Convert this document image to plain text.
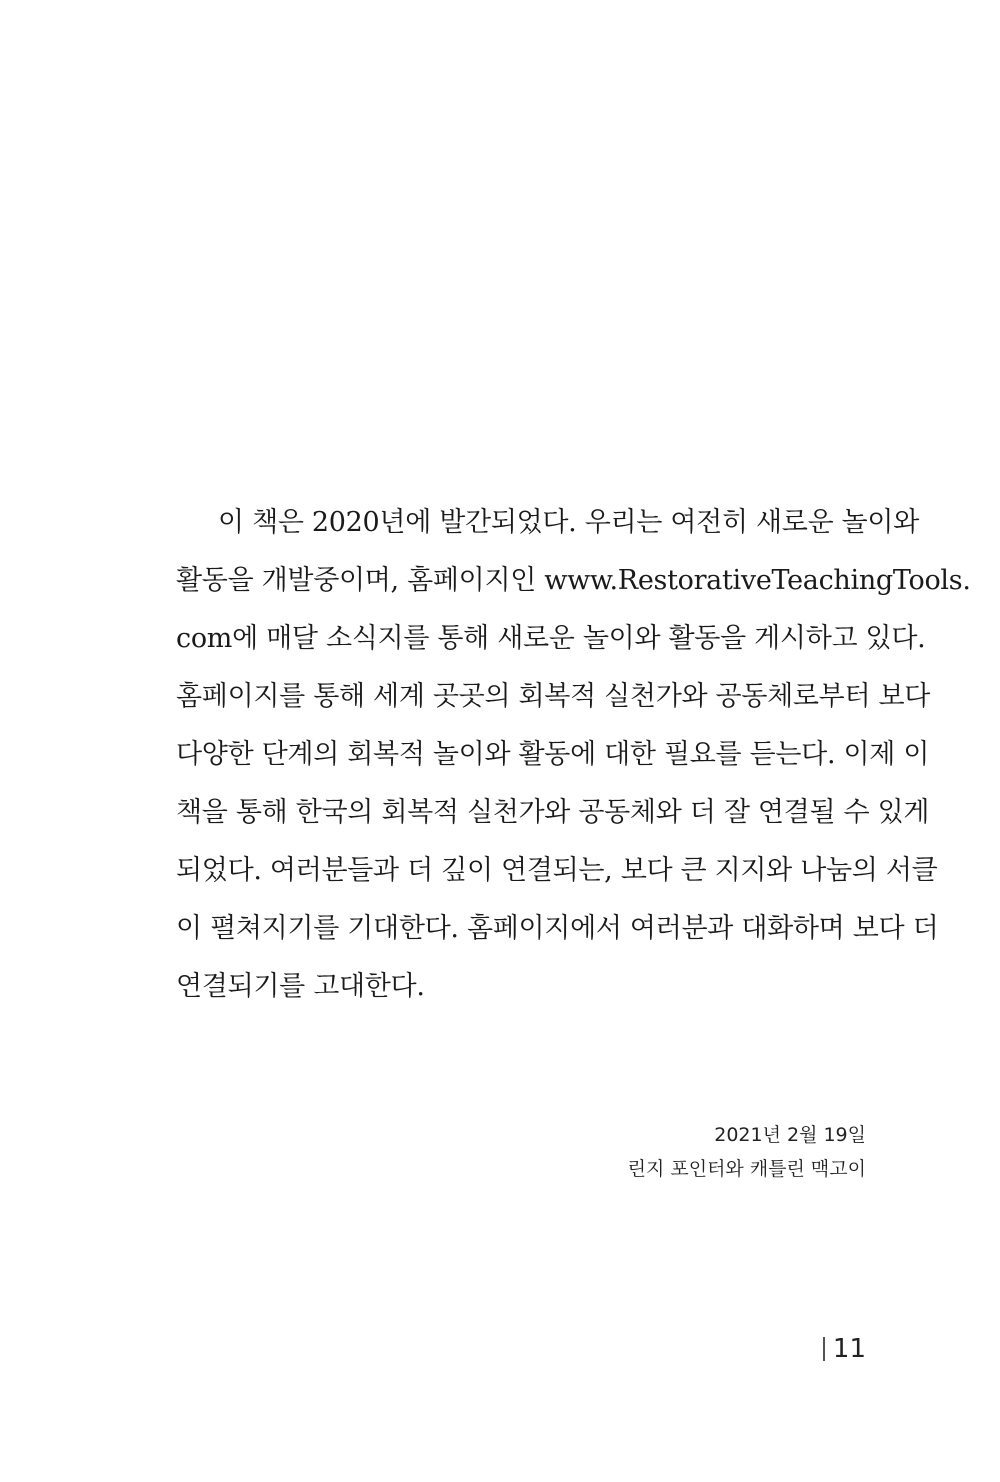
이 책은 2020년에 발간되었다. 우리는 여전히 새로운 놀이와
활동을 개발중이며, 홈페이지인 www.RestorativeTeachingTools.
com에 매달 소식지를 통해 새로운 놀이와 활동을 게시하고 있다.
홈페이지를 통해 세계 곳곳의 회복적 실천가와 공동체로부터 보다
다양한 단계의 회복적 놀이와 활동에 대한 필요를 듣는다. 이제 이
책을 통해 한국의 회복적 실천가와 공동체와 더 잘 연결될 수 있게
되었다. 여러분들과 더 깊이 연결되는, 보다 큰 지지와 나눔의 서클
이 펼쳐지기를 기대한다. 홈페이지에서 여러분과 대화하며 보다 더
연결되기를 고대한다.
2021년 2월 19일
린지 포인터와 캐틀린 맥고이
11
